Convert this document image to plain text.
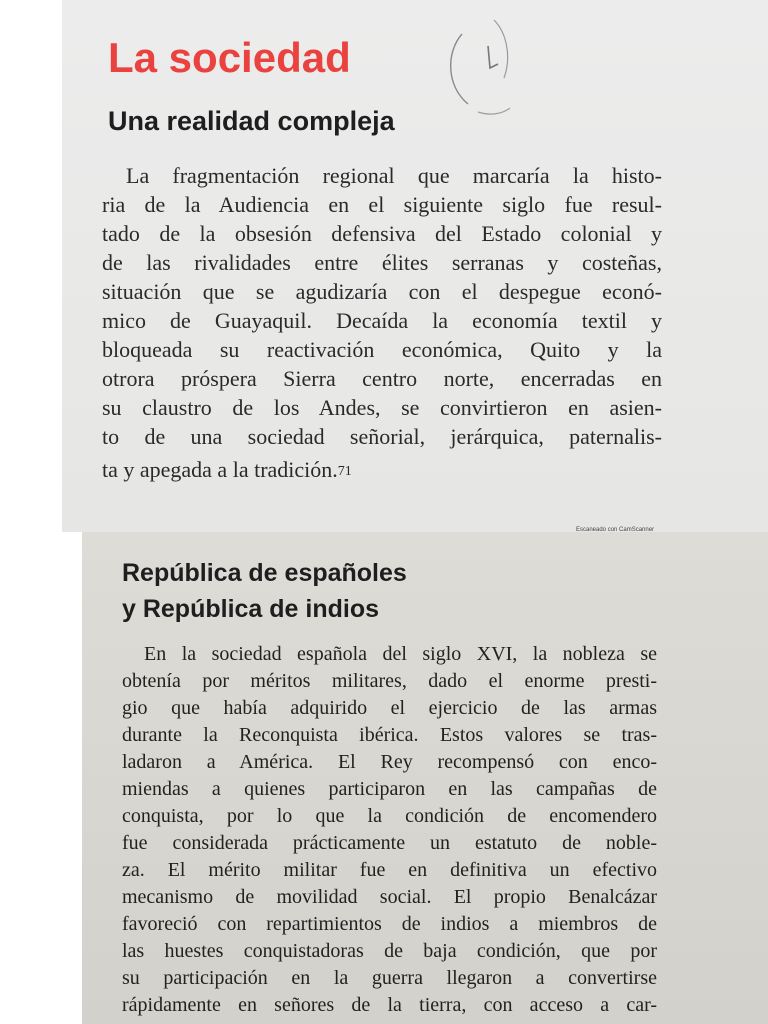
La sociedad
Una realidad compleja
La fragmentación regional que marcaría la histo-
ria de la Audiencia en el siguiente siglo fue resul-
tado de la obsesión defensiva del Estado colonial y
de las rivalidades entre élites serranas y costeñas,
situación que se agudizaría con el despegue econó-
mico de Guayaquil. Decaída la economía textil y
bloqueada su reactivación económica, Quito y la
otrora próspera Sierra centro norte, encerradas en
su claustro de los Andes, se convirtieron en asien-
to de una sociedad señorial, jerárquica, paternalis-
ta y apegada a la tradición.71

Escaneado con CamScanner

República de españoles
y República de indios
En la sociedad española del siglo XVI, la nobleza se
obtenía por méritos militares, dado el enorme presti-
gio que había adquirido el ejercicio de las armas
durante la Reconquista ibérica. Estos valores se tras-
ladaron a América. El Rey recompensó con enco-
miendas a quienes participaron en las campañas de
conquista, por lo que la condición de encomendero
fue considerada prácticamente un estatuto de noble-
za. El mérito militar fue en definitiva un efectivo
mecanismo de movilidad social. El propio Benalcázar
favoreció con repartimientos de indios a miembros de
las huestes conquistadoras de baja condición, que por
su participación en la guerra llegaron a convertirse
rápidamente en señores de la tierra, con acceso a car-
